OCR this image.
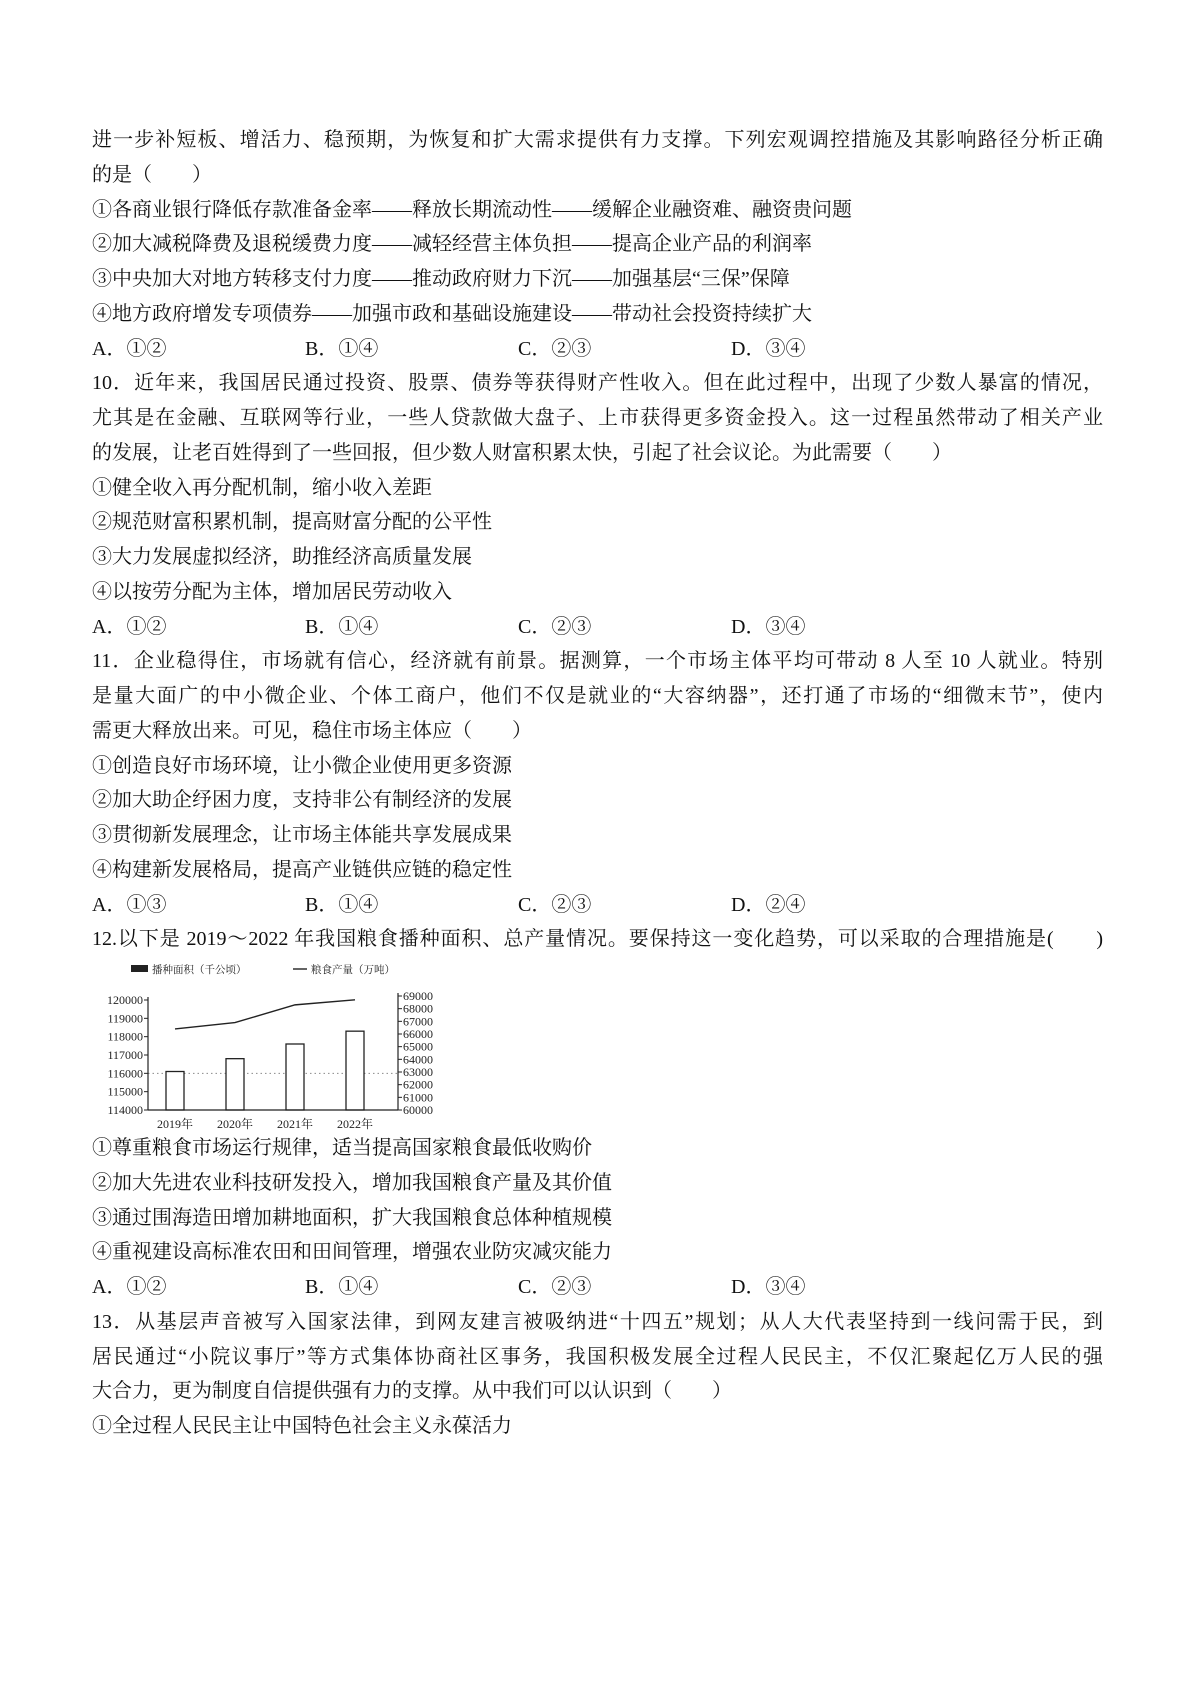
进一步补短板、增活力、稳预期，为恢复和扩大需求提供有力支撑。下列宏观调控措施及其影响路径分析正确
的是（　　）
①各商业银行降低存款准备金率——释放长期流动性——缓解企业融资难、融资贵问题
②加大减税降费及退税缓费力度——减轻经营主体负担——提高企业产品的利润率
③中央加大对地方转移支付力度——推动政府财力下沉——加强基层“三保”保障
④地方政府增发专项债券——加强市政和基础设施建设——带动社会投资持续扩大
A．①②	B．①④	C．②③	D．③④
10．近年来，我国居民通过投资、股票、债券等获得财产性收入。但在此过程中，出现了少数人暴富的情况，
尤其是在金融、互联网等行业，一些人贷款做大盘子、上市获得更多资金投入。这一过程虽然带动了相关产业
的发展，让老百姓得到了一些回报，但少数人财富积累太快，引起了社会议论。为此需要（　　）
①健全收入再分配机制，缩小收入差距
②规范财富积累机制，提高财富分配的公平性
③大力发展虚拟经济，助推经济高质量发展
④以按劳分配为主体，增加居民劳动收入
A．①②	B．①④	C．②③	D．③④
11．企业稳得住，市场就有信心，经济就有前景。据测算，一个市场主体平均可带动 8 人至 10 人就业。特别
是量大面广的中小微企业、个体工商户，他们不仅是就业的“大容纳器”，还打通了市场的“细微末节”，使内
需更大释放出来。可见，稳住市场主体应（　　）
①创造良好市场环境，让小微企业使用更多资源
②加大助企纾困力度，支持非公有制经济的发展
③贯彻新发展理念，让市场主体能共享发展成果
④构建新发展格局，提高产业链供应链的稳定性
A．①③	B．①④	C．②③	D．②④
12.以下是 2019～2022 年我国粮食播种面积、总产量情况。要保持这一变化趋势，可以采取的合理措施是(　　)
播种面积（千公顷）	粮食产量（万吨）
120000
119000
118000
117000
116000
115000
114000
69000
68000
67000
66000
65000
64000
63000
62000
61000
60000
2019年 2020年 2021年 2022年
①尊重粮食市场运行规律，适当提高国家粮食最低收购价
②加大先进农业科技研发投入，增加我国粮食产量及其价值
③通过围海造田增加耕地面积，扩大我国粮食总体种植规模
④重视建设高标准农田和田间管理，增强农业防灾减灾能力
A．①②	B．①④	C．②③	D．③④
13．从基层声音被写入国家法律，到网友建言被吸纳进“十四五”规划；从人大代表坚持到一线问需于民，到
居民通过“小院议事厅”等方式集体协商社区事务，我国积极发展全过程人民民主，不仅汇聚起亿万人民的强
大合力，更为制度自信提供强有力的支撑。从中我们可以认识到（　　）
①全过程人民民主让中国特色社会主义永葆活力
